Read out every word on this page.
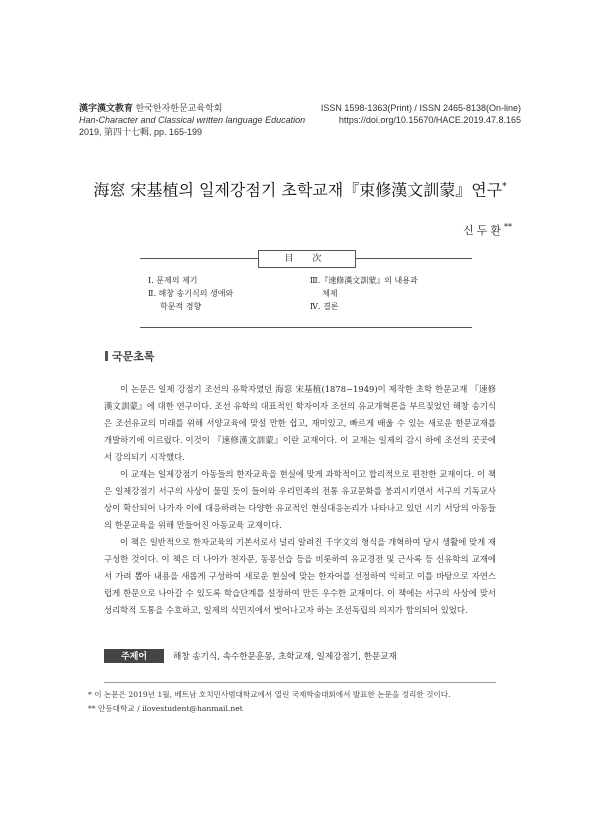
漢字漢文教育 한국한자한문교육학회
Han-Character and Classical written language Education
2019, 第四十七輯, pp. 165-199
ISSN 1598-1363(Print) / ISSN 2465-8138(On-line)
https://doi.org/10.15670/HACE.2019.47.8.165
海窓 宋基植의 일제강점기 초학교재『束修漢文訓蒙』연구*
신두환**
目 次
Ⅰ. 문제의 제기
Ⅱ. 해창 송기식의 생애와
학문적 경향
Ⅲ.『速修漢文訓蒙』의 내용과
체제
Ⅳ. 결론
국문초록

이 논문은 일제 강점기 조선의 유학자였던 海窓 宋基植(1878~1949)이 제작한 초학 한문교재 『速修漢文訓蒙』에 대한 연구이다. 조선 유학의 대표적인 학자이자 조선의 유교개혁론을 부르짖었던 해창 송기식은 조선유교의 미래를 위해 서양교육에 맞설 만한 쉽고, 재미있고, 빠르게 배울 수 있는 새로운 한문교재를 개발하기에 이르렀다. 이것이 『速修漢文訓蒙』이란 교재이다. 이 교재는 일제의 감시 하에 조선의 곳곳에서 강의되기 시작했다.

이 교재는 일제강점기 아동들의 한자교육을 현실에 맞게 과학적이고 합리적으로 편찬한 교재이다. 이 책은 일제강점기 서구의 사상이 물밀 듯이 들어와 우리민족의 전통 유교문화를 붕괴시키면서 서구의 기독교사상이 확산되어 나가자 이에 대응하려는 다양한 유교적인 현실대응논리가 나타나고 있던 시기 서당의 아동들의 한문교육을 위해 만들어진 아동교육 교재이다.

이 책은 일반적으로 한자교육의 기본서로서 널리 알려진 千字文의 형식을 개혁하여 당시 생활에 맞게 재구성한 것이다. 이 책은 더 나아가 천자문, 동몽선습 등을 비롯하여 유교경전 및 근사록 등 신유학의 교재에서 가려 뽑아 내용을 새롭게 구성하여 새로운 현실에 맞는 한자어를 선정하여 익히고 이를 바탕으로 자연스럽게 한문으로 나아갈 수 있도록 학습단계를 설정하여 만든 우수한 교재이다. 이 책에는 서구의 사상에 맞서 성리학적 도통을 수호하고, 일제의 식민지에서 벗어나고자 하는 조선독립의 의지가 함의되어 있었다.

주제어	해창 송기식, 속수한문훈몽, 초학교재, 일제강점기, 한문교재
* 이 논문은 2019년 1월, 베트남 호치민사범대학교에서 열린 국제학술대회에서 발표한 논문을 정리한 것이다.
** 안동대학교 / ilovestudent@hanmail.net
